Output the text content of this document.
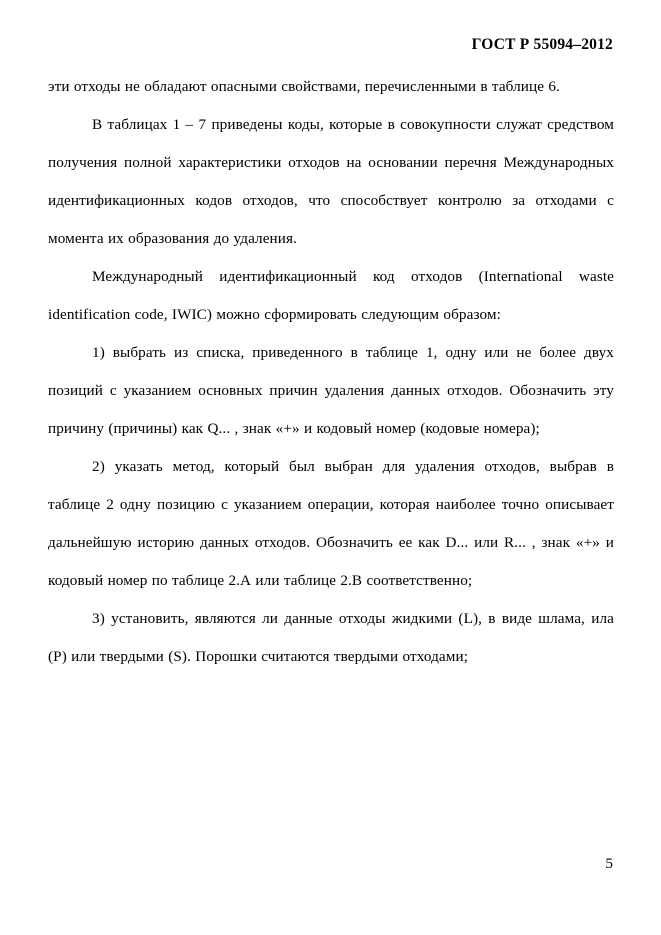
ГОСТ Р 55094–2012

эти отходы не обладают опасными свойствами, перечисленными в таблице 6.

В таблицах 1 – 7 приведены коды, которые в совокупности служат средством получения полной характеристики отходов на основании перечня Международных идентификационных кодов отходов, что способствует контролю за отходами с момента их образования до удаления.

Международный идентификационный код отходов (International waste identification code, IWIC) можно сформировать следующим образом:

1) выбрать из списка, приведенного в таблице 1, одну или не более двух позиций с указанием основных причин удаления данных отходов. Обозначить эту причину (причины) как Q... , знак «+» и кодовый номер (кодовые номера);

2) указать метод, который был выбран для удаления отходов, выбрав в таблице 2 одну позицию с указанием операции, которая наиболее точно описывает дальнейшую историю данных отходов. Обозначить ее как D... или R... , знак «+» и кодовый номер по таблице 2.А или таблице 2.В соответственно;

3) установить, являются ли данные отходы жидкими (L), в виде шлама, ила (P) или твердыми (S). Порошки считаются твердыми отходами;

5
